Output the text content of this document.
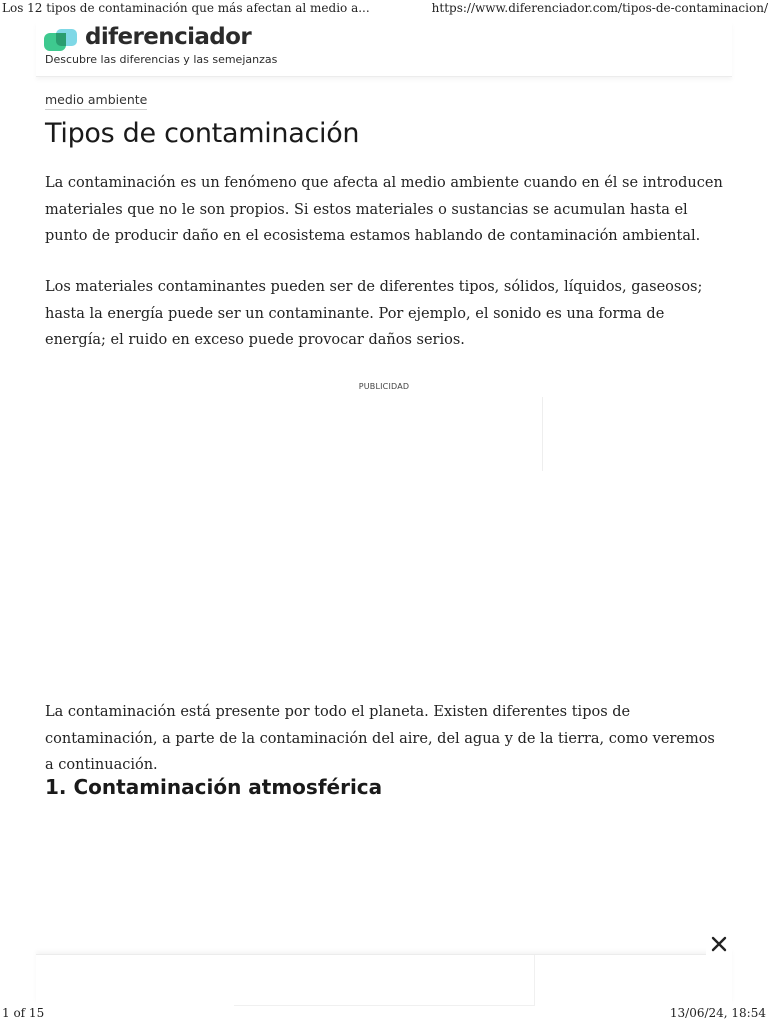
Los 12 tipos de contaminación que más afectan al medio a...	https://www.diferenciador.com/tipos-de-contaminacion/
diferenciador
Descubre las diferencias y las semejanzas
medio ambiente
Tipos de contaminación

La contaminación es un fenómeno que afecta al medio ambiente cuando en él se introducen materiales que no le son propios. Si estos materiales o sustancias se acumulan hasta el punto de producir daño en el ecosistema estamos hablando de contaminación ambiental.

Los materiales contaminantes pueden ser de diferentes tipos, sólidos, líquidos, gaseosos; hasta la energía puede ser un contaminante. Por ejemplo, el sonido es una forma de energía; el ruido en exceso puede provocar daños serios.

PUBLICIDAD

La contaminación está presente por todo el planeta. Existen diferentes tipos de contaminación, a parte de la contaminación del aire, del agua y de la tierra, como veremos a continuación.

1. Contaminación atmosférica
1 of 15	13/06/24, 18:54
